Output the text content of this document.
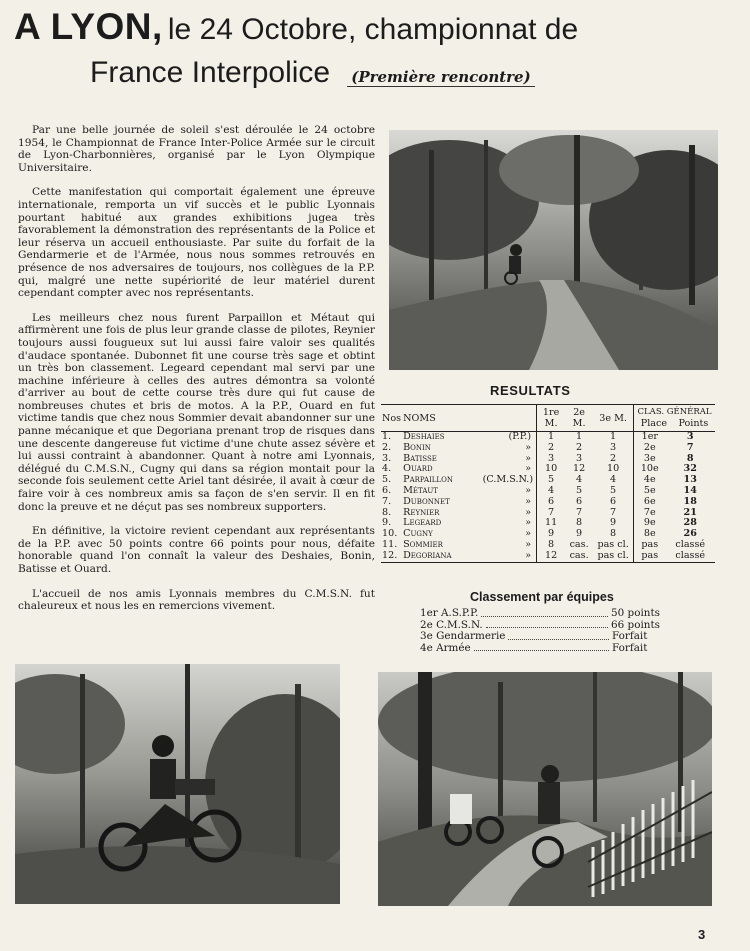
A LYON, le 24 Octobre, championnat de
France Interpolice (Première rencontre)

Par une belle journée de soleil s'est déroulée le 24 octobre 1954, le Championnat de France Inter-Police Armée sur le circuit de Lyon-Charbonnières, organisé par le Lyon Olympique Universitaire.

Cette manifestation qui comportait également une épreuve internationale, remporta un vif succès et le public Lyonnais pourtant habitué aux grandes exhibitions jugea très favorablement la démonstration des représentants de la Police et leur réserva un accueil enthousiaste. Par suite du forfait de la Gendarmerie et de l'Armée, nous nous sommes retrouvés en présence de nos adversaires de toujours, nos collègues de la P.P. qui, malgré une nette supériorité de leur matériel durent cependant compter avec nos représentants.

Les meilleurs chez nous furent Parpaillon et Métaut qui affirmèrent une fois de plus leur grande classe de pilotes, Reynier toujours aussi fougueux sut lui aussi faire valoir ses qualités d'audace spontanée. Dubonnet fit une course très sage et obtint un très bon classement. Legeard cependant mal servi par une machine inférieure à celles des autres démontra sa volonté d'arriver au bout de cette course très dure qui fut cause de nombreuses chutes et bris de motos. A la P.P., Ouard en fut victime tandis que chez nous Sommier devait abandonner sur une panne mécanique et que Degoriana prenant trop de risques dans une descente dangereuse fut victime d'une chute assez sévère et lui aussi contraint à abandonner. Quant à notre ami Lyonnais, délégué du C.M.S.N., Cugny qui dans sa région montait pour la seconde fois seulement cette Ariel tant désirée, il avait à cœur de faire voir à ces nombreux amis sa façon de s'en servir. Il en fit donc la preuve et ne déçut pas ses nombreux supporters.

En définitive, la victoire revient cependant aux représentants de la P.P. avec 50 points contre 66 points pour nous, défaite honorable quand l'on connaît la valeur des Deshaies, Bonin, Batisse et Ouard.

L'accueil de nos amis Lyonnais membres du C.M.S.N. fut chaleureux et nous les en remercions vivement.

RESULTATS
Nos	NOMS	1re M.	2e M.	3e M.	CLAS. GÉNÉRAL
Place Points	

1.	Deshaies (P.P.)	1	1	1	1er	3
2.	Bonin »	2	2	3	2e	7
3.	Batisse »	3	3	2	3e	8
4.	Ouard »	10	12	10	10e	32
5.	Parpaillon (C.M.S.N.)	5	4	4	4e	13
6.	Métaut »	4	5	5	5e	14
7.	Dubonnet »	6	6	6	6e	18
8.	Reynier »	7	7	7	7e	21
9.	Legeard »	11	8	9	9e	28
10.	Cugny »	9	9	8	8e	26
11.	Sommier »	8	cas.	pas cl.	pas	classé
12.	Degoriana »	12	cas.	pas cl.	pas	classé
Classement par équipes
1er A.S.P.P.	50 points
2e C.M.S.N.	66 points
3e Gendarmerie	Forfait
4e Armée	Forfait
3
